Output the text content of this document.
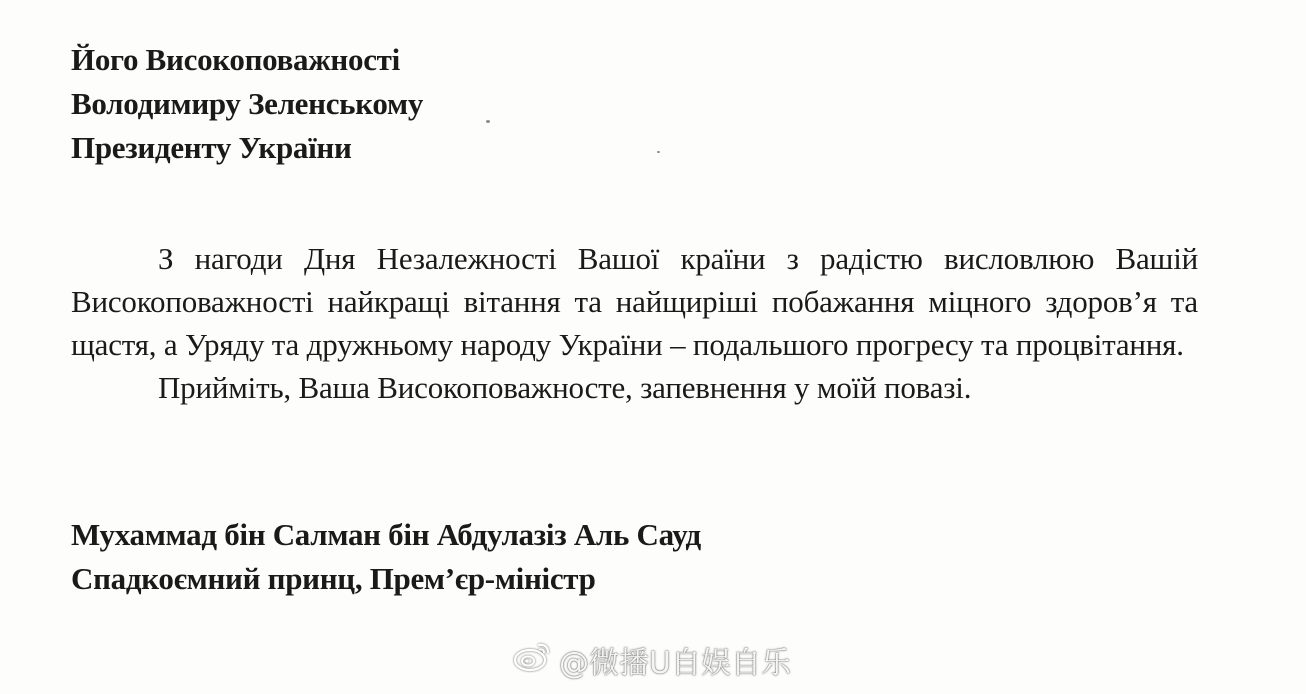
Його Високоповажності
Володимиру Зеленському
Президенту України

З нагоди Дня Незалежності Вашої країни з радістю висловлюю Вашій Високоповажності найкращі вітання та найщиріші побажання міцного здоров’я та щастя, а Уряду та дружньому народу України – подальшого прогресу та процвітання.

Прийміть, Ваша Високоповажносте, запевнення у моїй повазі.

Мухаммад бін Салман бін Абдулазіз Аль Сауд
Спадкоємний принц, Прем’єр-міністр
@微播U自娱自乐
